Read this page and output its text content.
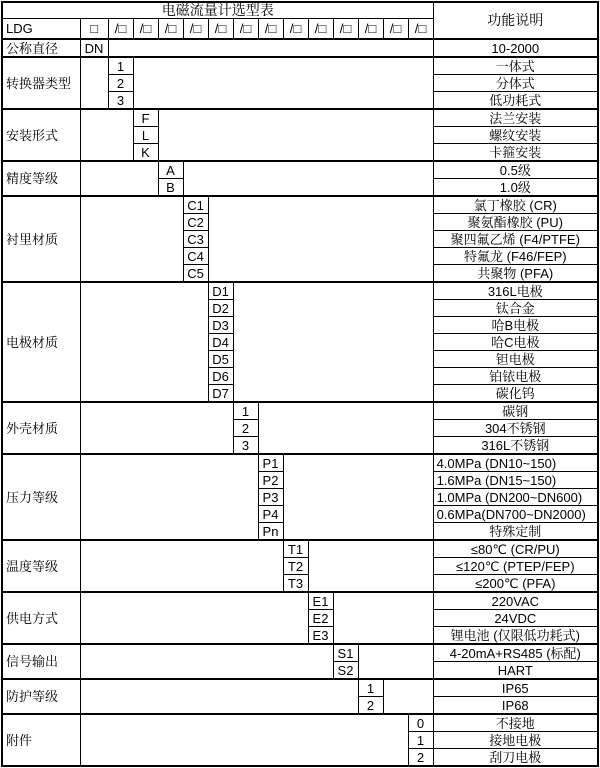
电磁流量计选型表															功能说明
LDG	□	/□	/□	/□	/□	/□	/□	/□	/□	/□	/□	/□	/□	/□	
公称直径	DN														10-2000
转换器类型		1													一体式
		2													分体式
		3													低功耗式
安装形式			F												法兰安装
			L												螺纹安装
			K												卡箍安装
精度等级				A											0.5级
				B											1.0级
衬里材质					C1										氯丁橡胶 (CR)
					C2										聚氨酯橡胶 (PU)
					C3										聚四氟乙烯 (F4/PTFE)
					C4										特氟龙 (F46/FEP)
					C5										共聚物 (PFA)
电极材质						D1									316L电极
						D2									钛合金
						D3									哈B电极
						D4									哈C电极
						D5									钽电极
						D6									铂铱电极
						D7									碳化钨
外壳材质							1								碳钢
							2								304不锈钢
							3								316L不锈钢
压力等级								P1							4.0MPa (DN10~150)
								P2							1.6MPa (DN15~150)
								P3							1.0MPa (DN200~DN600)
								P4							0.6MPa(DN700~DN2000)
								Pn							特殊定制
温度等级									T1						≤80℃ (CR/PU)
									T2						≤120℃ (PTEP/FEP)
									T3						≤200℃ (PFA)
供电方式										E1					220VAC
										E2					24VDC
										E3					锂电池 (仅限低功耗式)
信号输出											S1				4-20mA+RS485 (标配)
											S2				HART
防护等级												1			IP65
												2			IP68
附件														0	不接地
														1	接地电极
														2	刮刀电极
